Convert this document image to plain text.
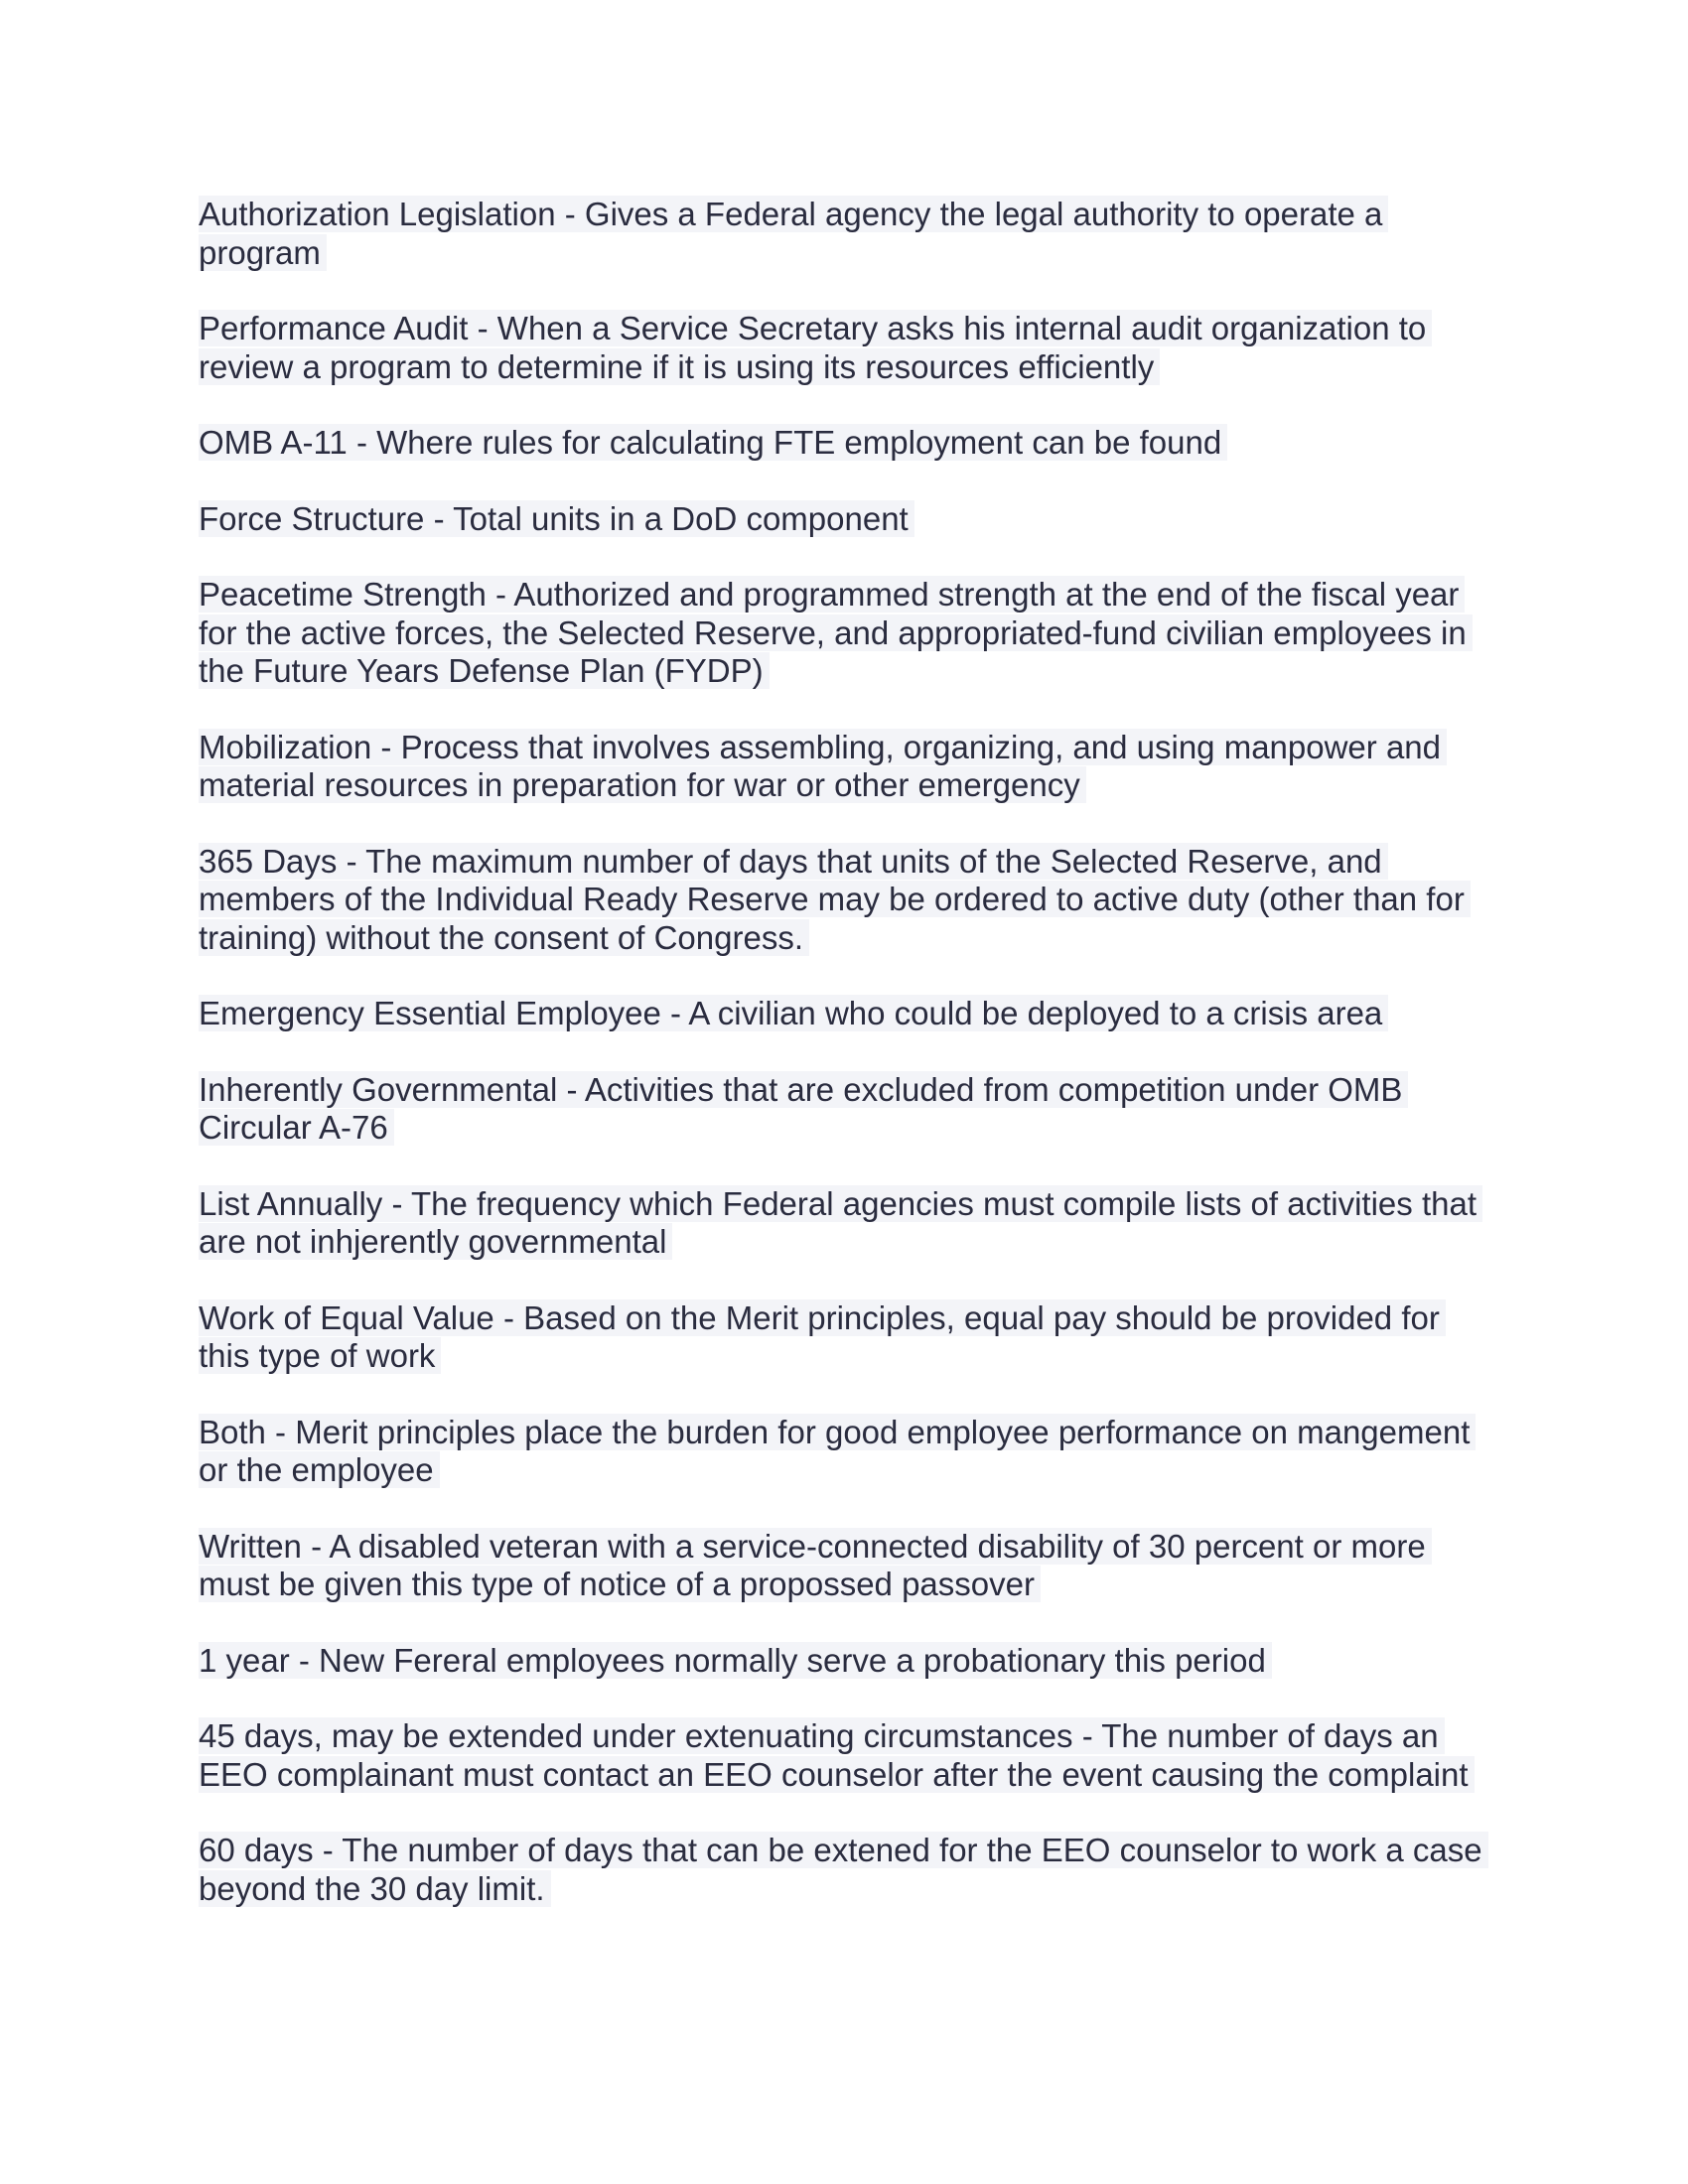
Authorization Legislation - Gives a Federal agency the legal authority to operate a program

Performance Audit - When a Service Secretary asks his internal audit organization to review a program to determine if it is using its resources efficiently

OMB A-11 - Where rules for calculating FTE employment can be found

Force Structure - Total units in a DoD component

Peacetime Strength - Authorized and programmed strength at the end of the fiscal year for the active forces, the Selected Reserve, and appropriated-fund civilian employees in the Future Years Defense Plan (FYDP)

Mobilization - Process that involves assembling, organizing, and using manpower and material resources in preparation for war or other emergency

365 Days - The maximum number of days that units of the Selected Reserve, and members of the Individual Ready Reserve may be ordered to active duty (other than for training) without the consent of Congress.

Emergency Essential Employee - A civilian who could be deployed to a crisis area

Inherently Governmental - Activities that are excluded from competition under OMB Circular A-76

List Annually - The frequency which Federal agencies must compile lists of activities that are not inhjerently governmental

Work of Equal Value - Based on the Merit principles, equal pay should be provided for this type of work

Both - Merit principles place the burden for good employee performance on mangement or the employee

Written - A disabled veteran with a service-connected disability of 30 percent or more must be given this type of notice of a propossed passover

1 year - New Fereral employees normally serve a probationary this period

45 days, may be extended under extenuating circumstances - The number of days an EEO complainant must contact an EEO counselor after the event causing the complaint

60 days - The number of days that can be extened for the EEO counselor to work a case beyond the 30 day limit.
